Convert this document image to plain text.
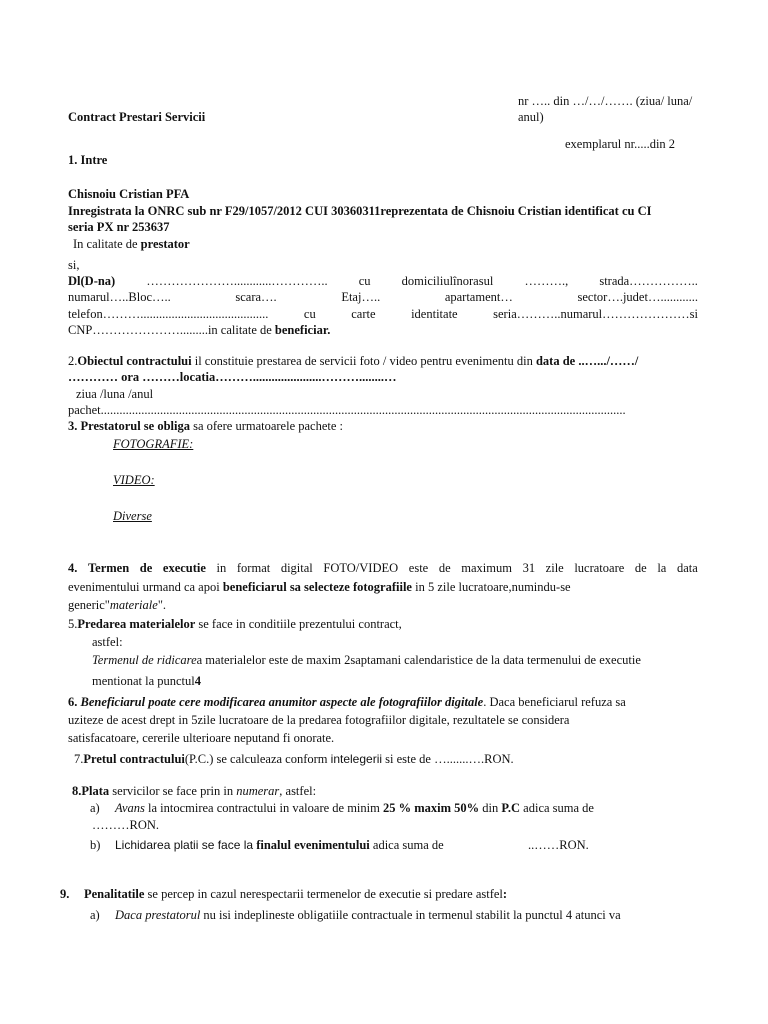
nr ….. din …/…/……. (ziua/ luna/
anul)
Contract Prestari Servicii
exemplarul nr.....din 2
1. Intre
Chisnoiu Cristian PFA
Inregistrata la ONRC sub nr F29/1057/2012 CUI 30360311reprezentata de Chisnoiu Cristian identificat cu CI
seria PX nr 253637
In calitate de prestator
si,
Dl(D-na) …………………............………….. cu domiciliulînorasul ………., strada……………..
numarul…..Bloc…..	scara….	Etaj…..	apartament…	sector….judet…............
telefon……….........................................	cu	carte	identitate	seria………..numarul…………………si
CNP………………….........in calitate de beneficiar.
2.Obiectul contractului il constituie prestarea de servicii foto / video pentru evenimentu din data de ..….../……/
………… ora ………locatia………......................………........…
ziua /luna /anul
pachet........................................................................................................................................................................
3. Prestatorul se obliga sa ofere urmatoarele pachete :
FOTOGRAFIE:
VIDEO:
Diverse
4. Termen de executie in format digital FOTO/VIDEO este de maximum 31 zile lucratoare de la data
evenimentului urmand ca apoi beneficiarul sa selecteze fotografiile in 5 zile lucratoare,numindu-se
generic"materiale".
5.Predarea materialelor se face in conditiile prezentului contract,
astfel:
Termenul de ridicarea materialelor este de maxim 2saptamani calendaristice de la data termenului de executie
mentionat la punctul4
6. Beneficiarul poate cere modificarea anumitor aspecte ale fotografiilor digitale. Daca beneficiarul refuza sa
uziteze de acest drept in 5zile lucratoare de la predarea fotografiilor digitale, rezultatele se considera
satisfacatoare, cererile ulterioare neputand fi onorate.
7.Pretul contractului(P.C.) se calculeaza conform intelegerii si este de ….......….RON.
8.Plata servicilor se face prin in numerar, astfel:
a) Avans la intocmirea contractului in valoare de minim 25 % maxim 50% din P.C adica suma de
………RON.
b) Lichidarea platii se face la finalul evenimentului adica suma de	..……RON.
9. Penalitatile se percep in cazul nerespectarii termenelor de executie si predare astfel:
a) Daca prestatorul nu isi indeplineste obligatiile contractuale in termenul stabilit la punctul 4 atunci va
